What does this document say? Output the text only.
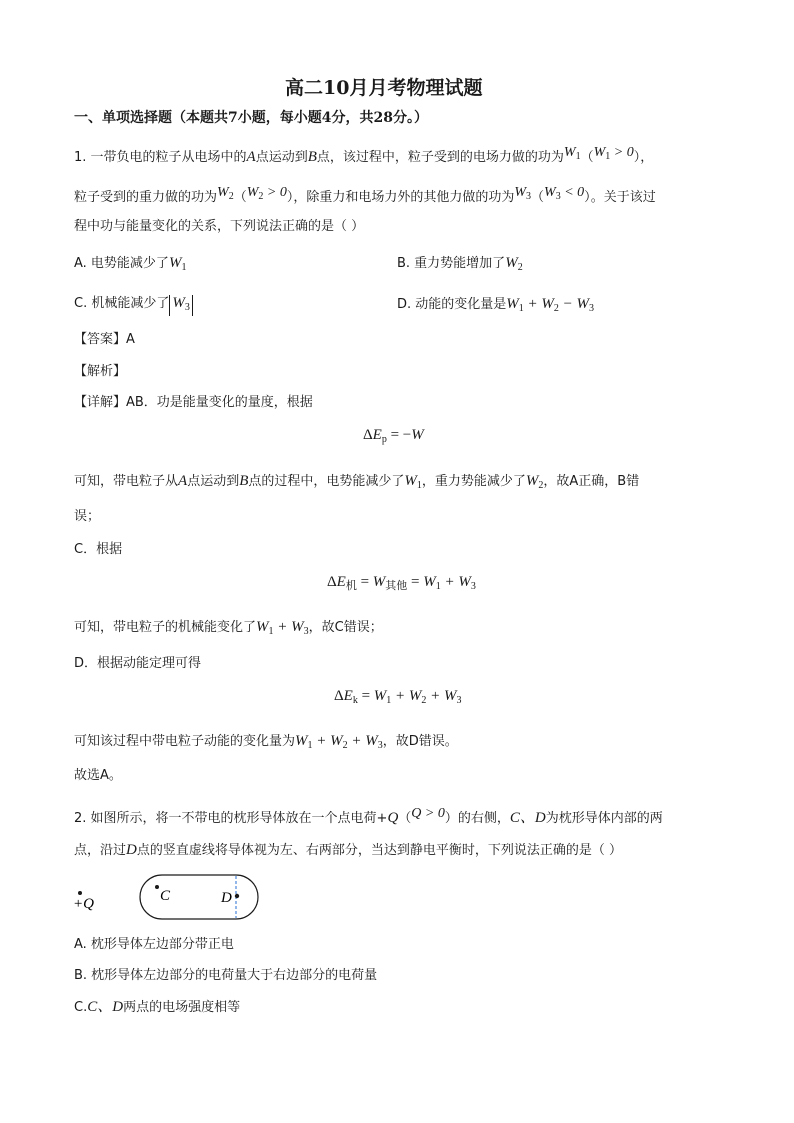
高二10月月考物理试题
一、单项选择题（本题共7小题，每小题4分，共28分。）
1. 一带负电的粒子从电场中的A点运动到B点，该过程中，粒子受到的电场力做的功为$W_1(W_1 > 0)$，
粒子受到的重力做的功为$W_2(W_2 > 0)$，除重力和电场力外的其他力做的功为$W_3(W_3 < 0)$。关于该过
程中功与能量变化的关系，下列说法正确的是（ ）
A. 电势能减少了$W_1$	B. 重力势能增加了$W_2$
C. 机械能减少了 $W_3$	D. 动能的变化量是$W_1 + W_2 - W_3$
【答案】A
【解析】
【详解】AB．功是能量变化的量度，根据
$\Delta E_p = -W$
可知，带电粒子从A点运动到B点的过程中，电势能减少了$W_1$，重力势能减少了$W_2$，故A正确，B错
误；
C．根据
$\Delta E_机 = W_{其他} = W_1 + W_3$
可知，带电粒子的机械能变化了$W_1 + W_3$，故C错误；
D．根据动能定理可得
$\Delta E_k = W_1 + W_2 + W_3$
可知该过程中带电粒子动能的变化量为$W_1 + W_2 + W_3$，故D错误。
故选A。
2. 如图所示，将一不带电的枕形导体放在一个点电荷+Q（Q > 0）的右侧，C、D为枕形导体内部的两
点，沿过D点的竖直虚线将导体视为左、右两部分，当达到静电平衡时，下列说法正确的是（ ）
+Q	C	D
A. 枕形导体左边部分带正电
B. 枕形导体左边部分的电荷量大于右边部分的电荷量
C.C、D两点的电场强度相等
